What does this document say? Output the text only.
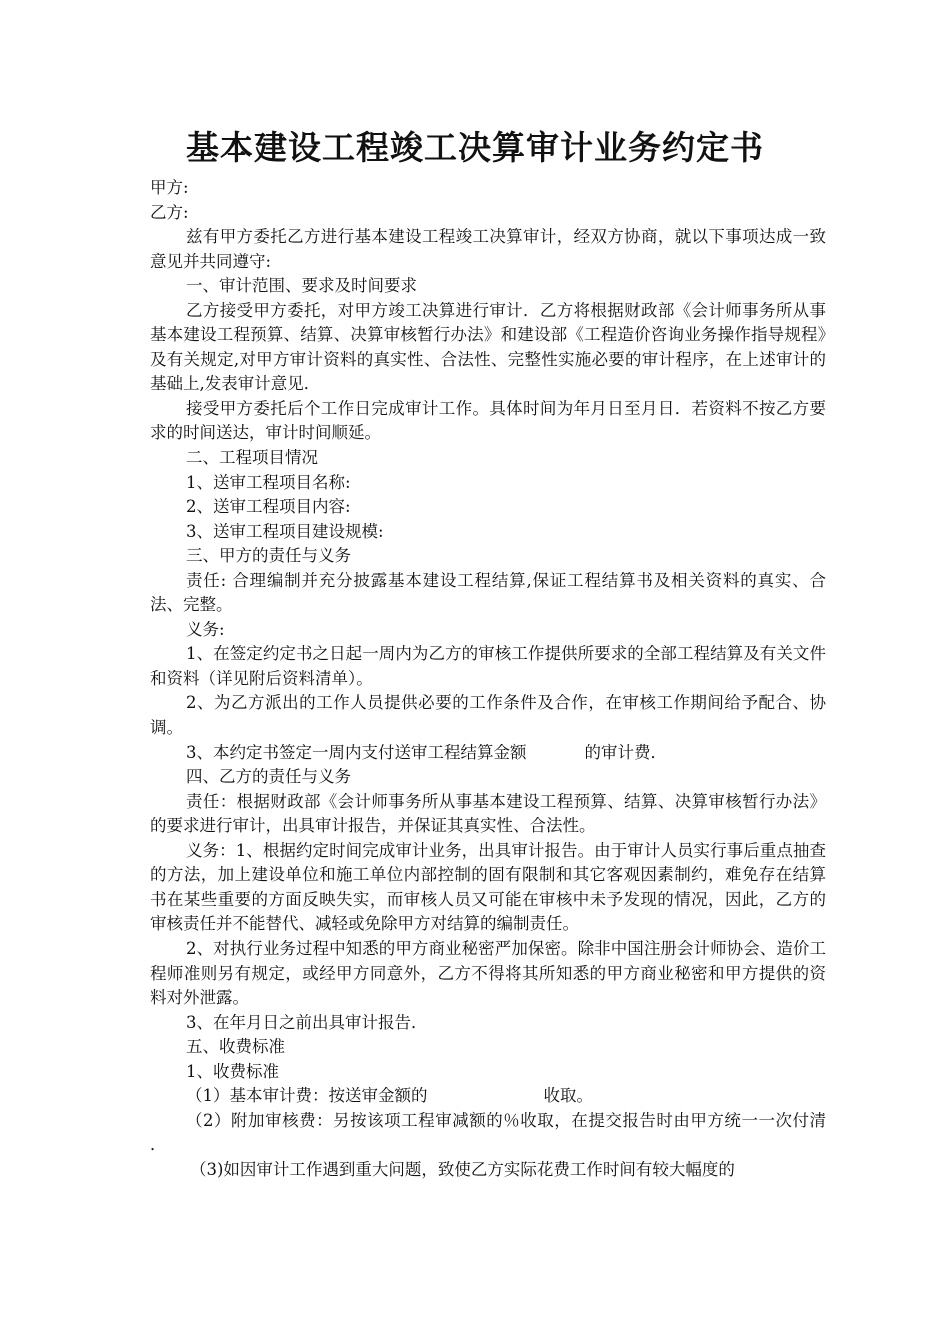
基本建设工程竣工决算审计业务约定书

甲方:

乙方:

兹有甲方委托乙方进行基本建设工程竣工决算审计，经双方协商，就以下事项达成一致意见并共同遵守:

一、审计范围、要求及时间要求

乙方接受甲方委托，对甲方竣工决算进行审计．乙方将根据财政部《会计师事务所从事基本建设工程预算、结算、决算审核暂行办法》和建设部《工程造价咨询业务操作指导规程》及有关规定,对甲方审计资料的真实性、合法性、完整性实施必要的审计程序，在上述审计的基础上,发表审计意见．

接受甲方委托后个工作日完成审计工作。具体时间为年月日至月日．若资料不按乙方要求的时间送达，审计时间顺延。

二、工程项目情况

1、送审工程项目名称:

2、送审工程项目内容:

3、送审工程项目建设规模:

三、甲方的责任与义务

责任: 合理编制并充分披露基本建设工程结算,保证工程结算书及相关资料的真实、合法、完整。

义务:

1、在签定约定书之日起一周内为乙方的审核工作提供所要求的全部工程结算及有关文件和资料（详见附后资料清单）。

2、为乙方派出的工作人员提供必要的工作条件及合作，在审核工作期间给予配合、协调。

3、本约定书签定一周内支付送审工程结算金额	的审计费．

四、乙方的责任与义务

责任：根据财政部《会计师事务所从事基本建设工程预算、结算、决算审核暂行办法》的要求进行审计，出具审计报告，并保证其真实性、合法性。

义务：1、根据约定时间完成审计业务，出具审计报告。由于审计人员实行事后重点抽查的方法，加上建设单位和施工单位内部控制的固有限制和其它客观因素制约，难免存在结算书在某些重要的方面反映失实，而审核人员又可能在审核中未予发现的情况，因此，乙方的审核责任并不能替代、减轻或免除甲方对结算的编制责任。

2、对执行业务过程中知悉的甲方商业秘密严加保密。除非中国注册会计师协会、造价工程师准则另有规定，或经甲方同意外，乙方不得将其所知悉的甲方商业秘密和甲方提供的资料对外泄露。

3、在年月日之前出具审计报告．

五、收费标准

1、收费标准

（1）基本审计费：按送审金额的	收取。

（2）附加审核费：另按该项工程审减额的％收取，在提交报告时由甲方统一一次付清 ．

（3)如因审计工作遇到重大问题，致使乙方实际花费工作时间有较大幅度的
